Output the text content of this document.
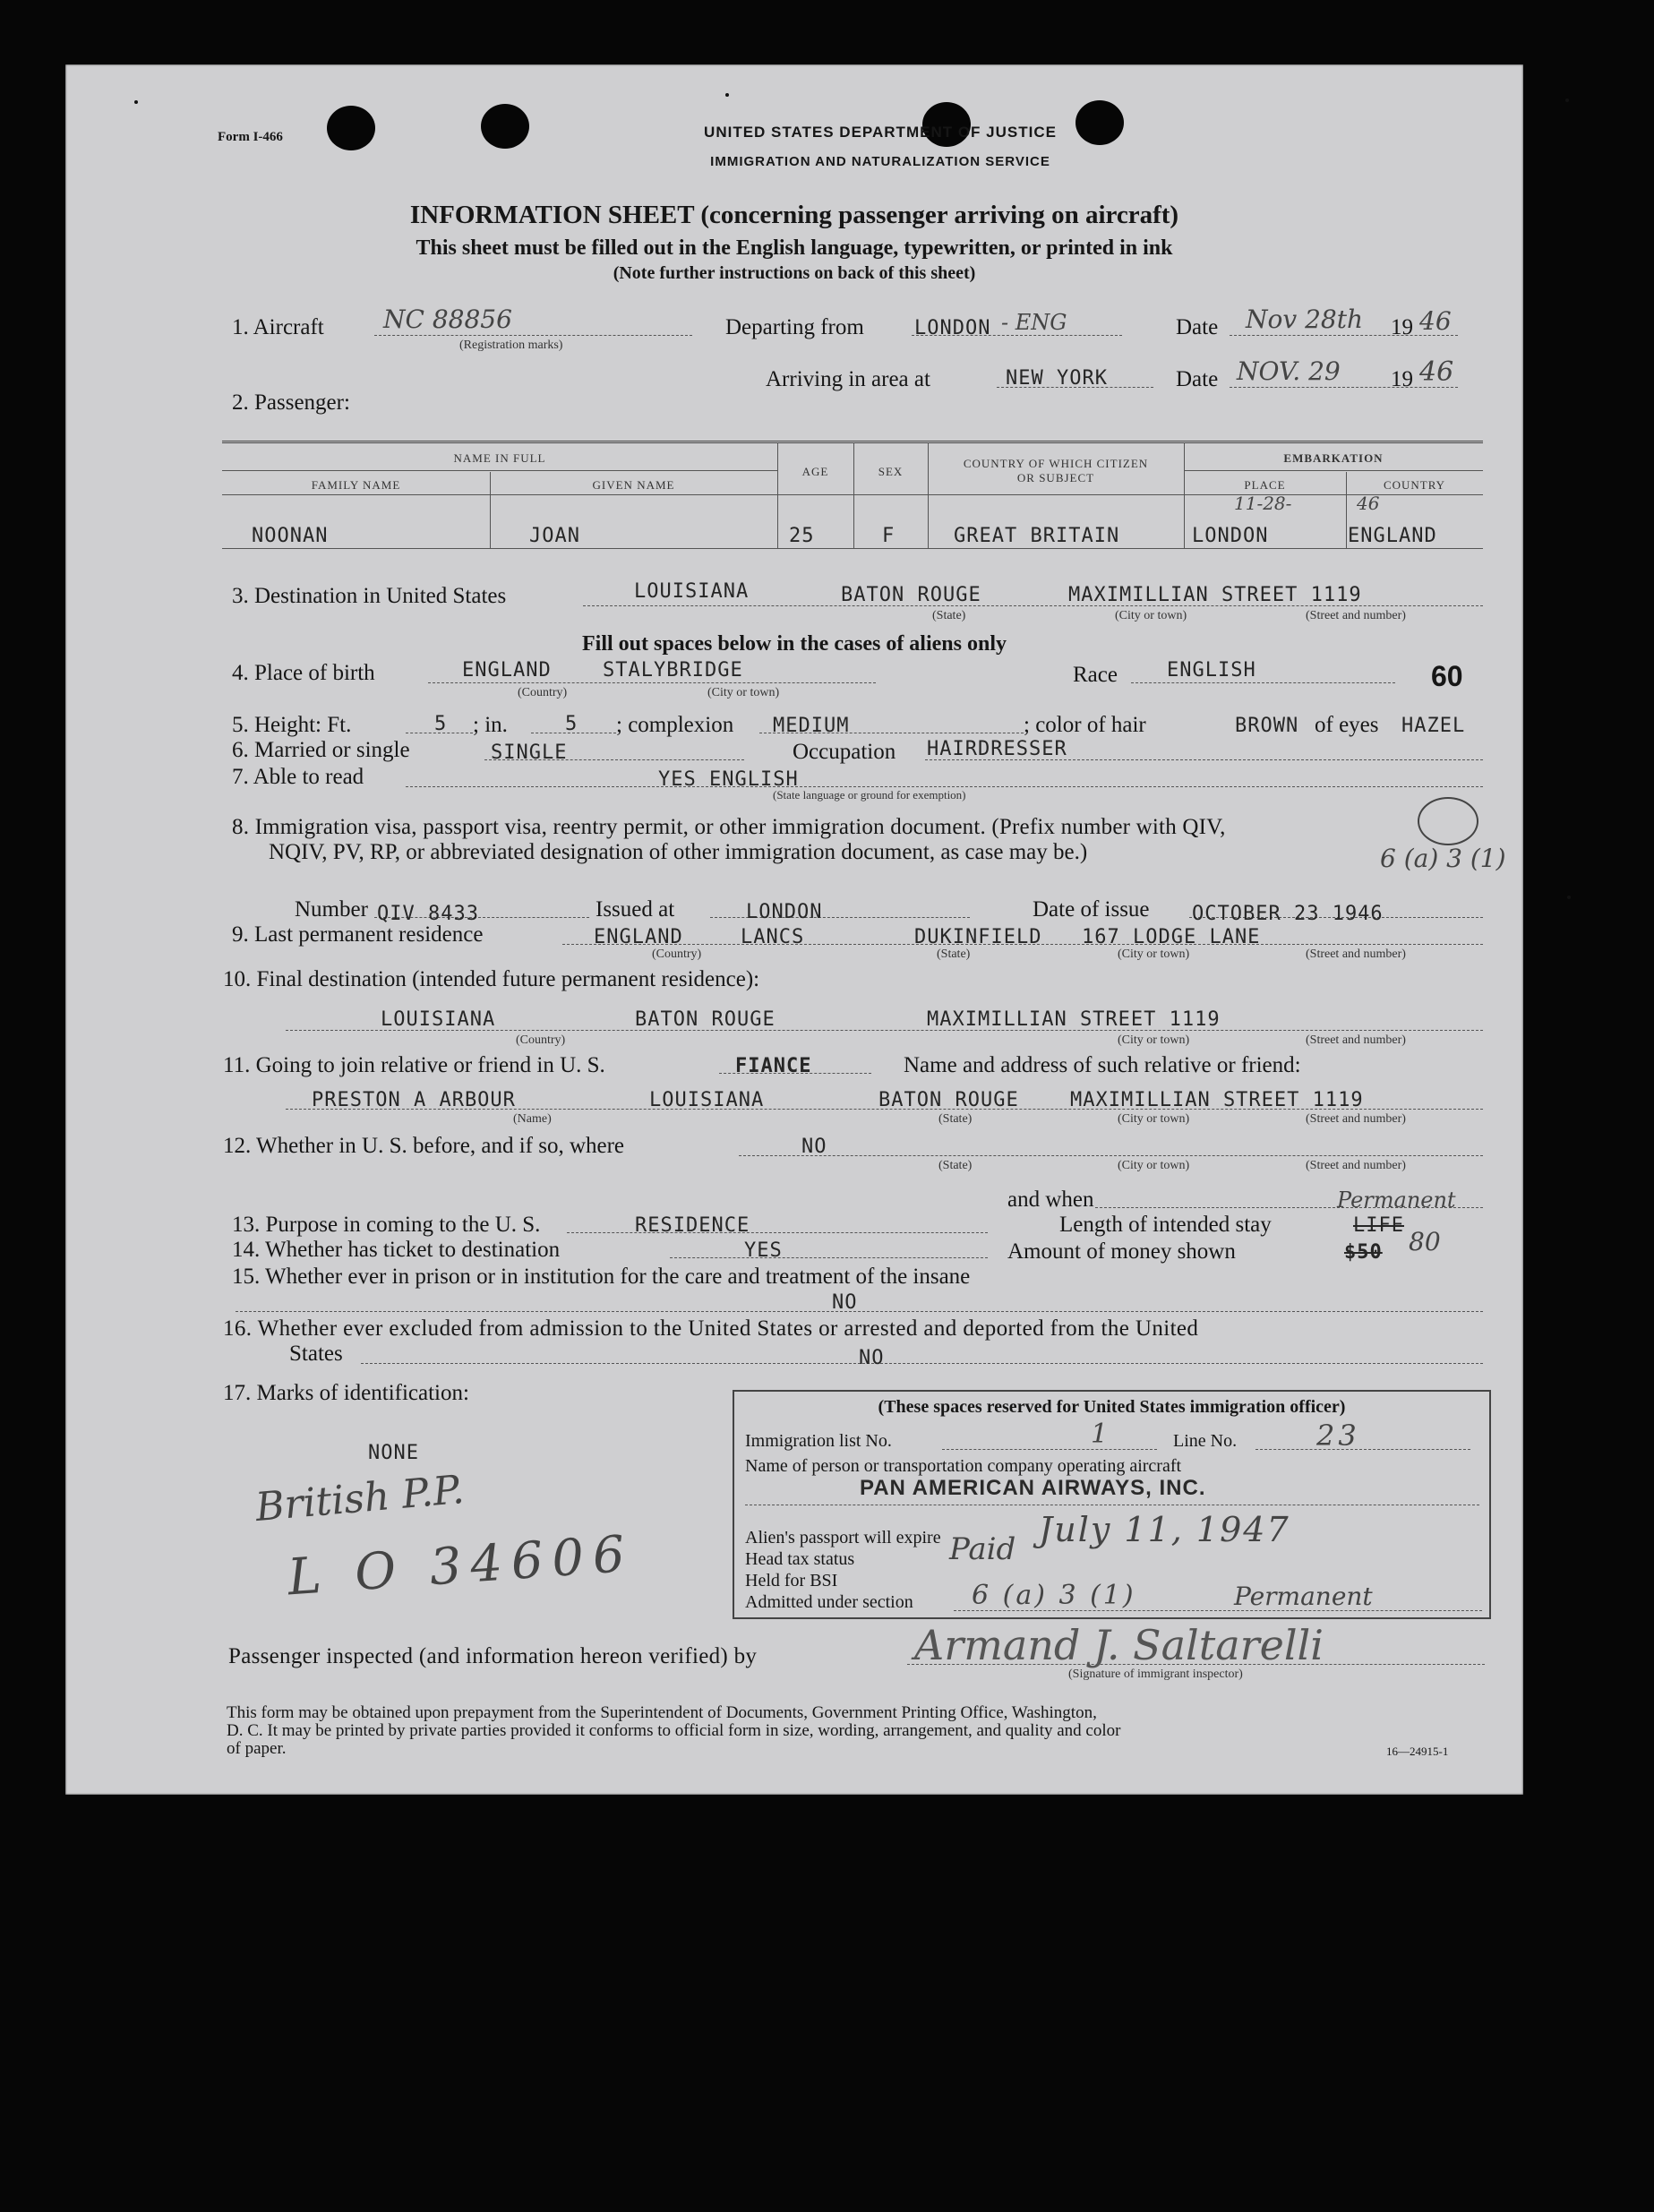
Form I-466	UNITED STATES DEPARTMENT OF JUSTICE
IMMIGRATION AND NATURALIZATION SERVICE
INFORMATION SHEET (concerning passenger arriving on aircraft)
This sheet must be filled out in the English language, typewritten, or printed in ink
(Note further instructions on back of this sheet)
1. Aircraft NC 88856
(Registration marks)
Departing from	LONDON - ENG	Date Nov 28th 19 46
Arriving in area at	NEW YORK	Date NOV. 29 19 46
2. Passenger:
NAME IN FULL
FAMILY NAME	GIVEN NAME
AGE	SEX
COUNTRY OF WHICH CITIZEN
OR SUBJECT
EMBARKATION
PLACE	COUNTRY
NOONAN	JOAN	25	F	GREAT BRITAIN	LONDON	ENGLAND
11-28-	46
3. Destination in United States	LOUISIANA	BATON ROUGE	MAXIMILLIAN STREET 1119
(State)	(City or town)	(Street and number)
Fill out spaces below in the cases of aliens only
4. Place of birth	ENGLAND	STALYBRIDGE
(Country)	(City or town)
Race	ENGLISH	60
5. Height: Ft.	5 ; in.	5 ; complexion MEDIUM	; color of hair	BROWN of eyes HAZEL
6. Married or single	SINGLE	Occupation HAIRDRESSER
7. Able to read	YES ENGLISH
(State language or ground for exemption)
8. Immigration visa, passport visa, reentry permit, or other immigration document. (Prefix number with QIV,
NQIV, PV, RP, or abbreviated designation of other immigration document, as case may be.)	6 (a) 3 (1)
Number QIV 8433	Issued at	LONDON	Date of issue OCTOBER 23 1946
9. Last permanent residence	ENGLAND	LANCS	DUKINFIELD 167 LODGE LANE
(Country)	(State)	(City or town)	(Street and number)
10. Final destination (intended future permanent residence):
LOUISIANA	BATON ROUGE	MAXIMILLIAN STREET 1119
(Country)	(City or town)	(Street and number)
11. Going to join relative or friend in U. S.	FIANCE	Name and address of such relative or friend:
PRESTON A ARBOUR	LOUISIANA	BATON ROUGE	MAXIMILLIAN STREET 1119
(Name)	(State)	(City or town)	(Street and number)
12. Whether in U. S. before, and if so, where	NO
(State)	(City or town)	(Street and number)
and when
13. Purpose in coming to the U. S.	RESIDENCE	Length of intended stay	LIFE
Permanent
14. Whether has ticket to destination	YES	Amount of money shown	$50 80
15. Whether ever in prison or in institution for the care and treatment of the insane
NO
16. Whether ever excluded from admission to the United States or arrested and deported from the United
States	NO
17. Marks of identification:
NONE
British P.P.
L O 34606
(These spaces reserved for United States immigration officer)
Immigration list No.	1	Line No.	23
Name of person or transportation company operating aircraft
PAN AMERICAN AIRWAYS, INC.
Alien's passport will expire	July 11, 1947
Head tax status	Paid
Held for BSI
Admitted under section 6 (a) 3 (1)	Permanent
Passenger inspected (and information hereon verified) by	Armand J. Saltarelli
(Signature of immigrant inspector)
This form may be obtained upon prepayment from the Superintendent of Documents, Government Printing Office, Washington,
D. C. It may be printed by private parties provided it conforms to official form in size, wording, arrangement, and quality and color
of paper.	16—24915-1
